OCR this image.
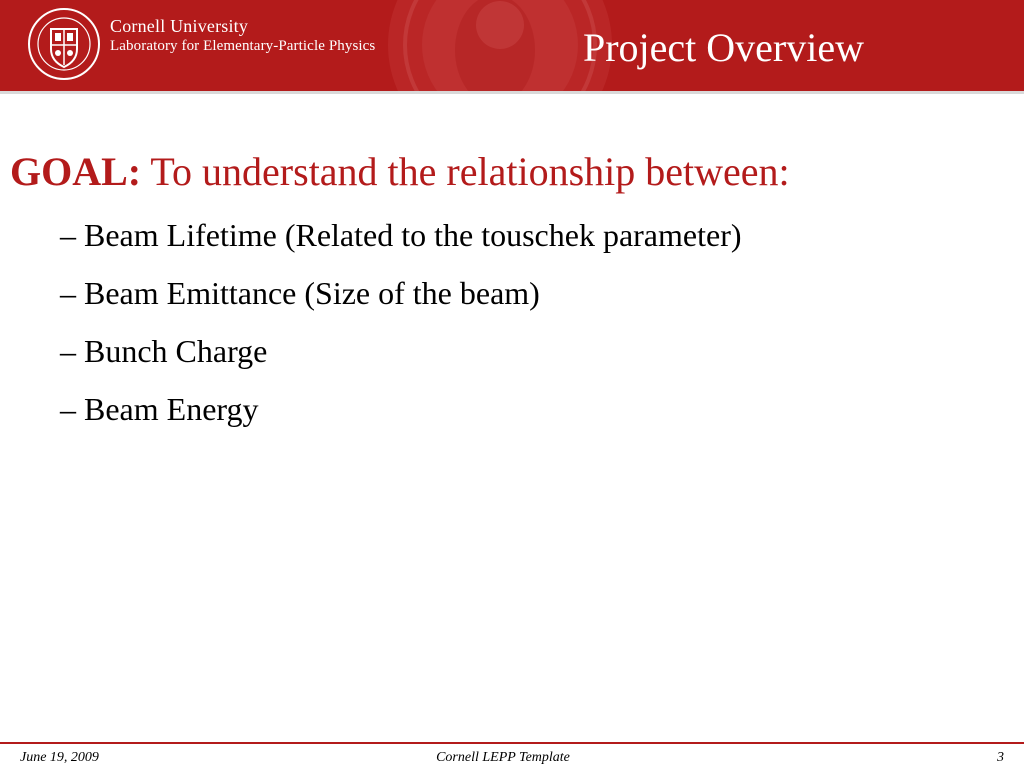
Cornell University
Laboratory for Elementary-Particle Physics	Project Overview
GOAL: To understand the relationship between:
– Beam Lifetime (Related to the touschek parameter)
– Beam Emittance (Size of the beam)
– Bunch Charge
– Beam Energy
June 19, 2009	Cornell LEPP Template	3
